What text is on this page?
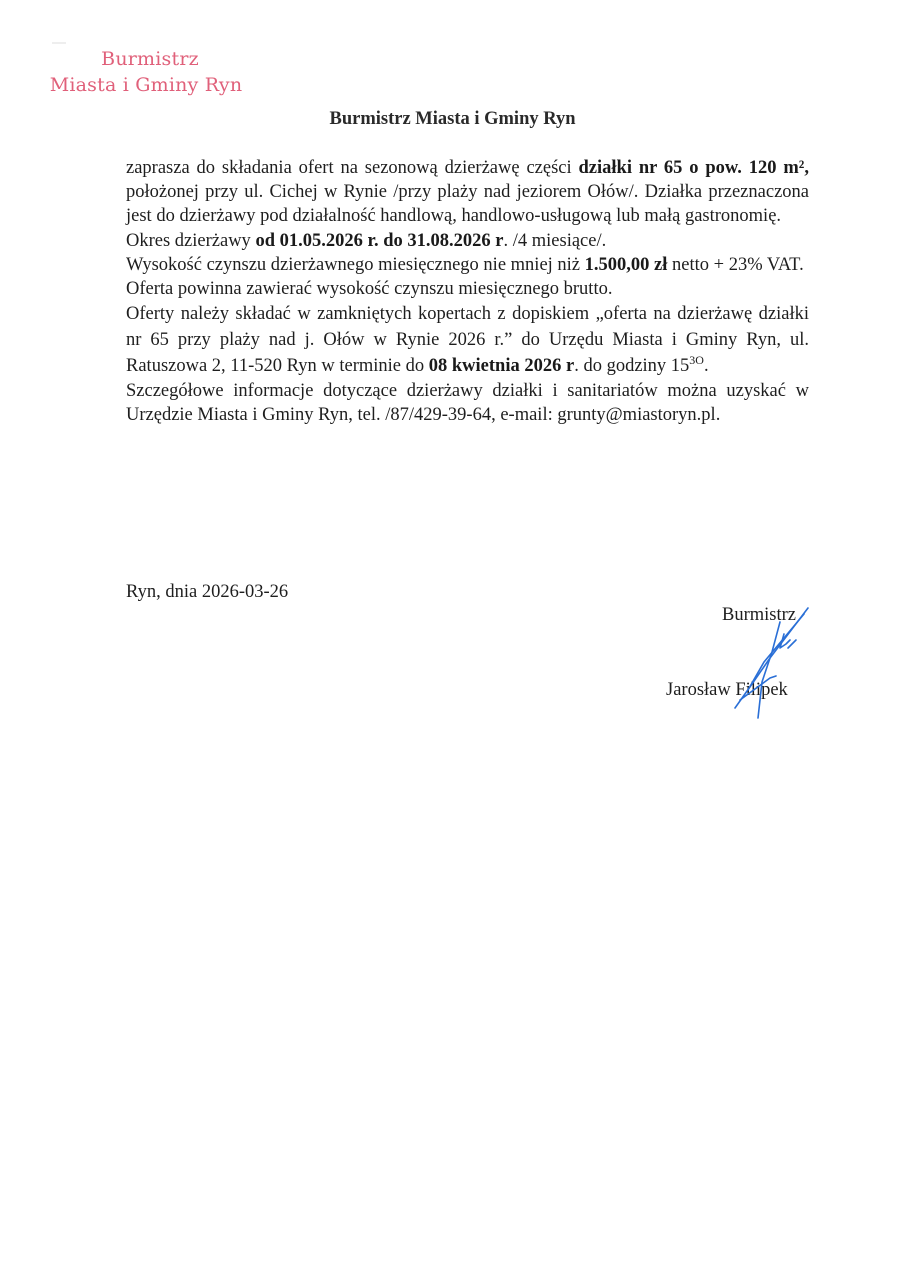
Burmistrz
Miasta i Gminy Ryn
Burmistrz Miasta i Gminy Ryn

zaprasza do składania ofert na sezonową dzierżawę części działki nr 65 o pow. 120 m², położonej przy ul. Cichej w Rynie /przy plaży nad jeziorem Ołów/. Działka przeznaczona jest do dzierżawy pod działalność handlową, handlowo-usługową lub małą gastronomię.

Okres dzierżawy od 01.05.2026 r. do 31.08.2026 r. /4 miesiące/.

Wysokość czynszu dzierżawnego miesięcznego nie mniej niż 1.500,00 zł netto + 23% VAT.

Oferta powinna zawierać wysokość czynszu miesięcznego brutto.

Oferty należy składać w zamkniętych kopertach z dopiskiem „oferta na dzierżawę działki nr 65 przy plaży nad j. Ołów w Rynie 2026 r.” do Urzędu Miasta i Gminy Ryn, ul. Ratuszowa 2, 11-520 Ryn w terminie do 08 kwietnia 2026 r. do godziny $15^{3O}$.

Szczegółowe informacje dotyczące dzierżawy działki i sanitariatów można uzyskać w Urzędzie Miasta i Gminy Ryn, tel. /87/429-39-64, e-mail: grunty@miastoryn.pl.

Ryn, dnia 2026-03-26
Burmistrz
Jarosław Filipek
